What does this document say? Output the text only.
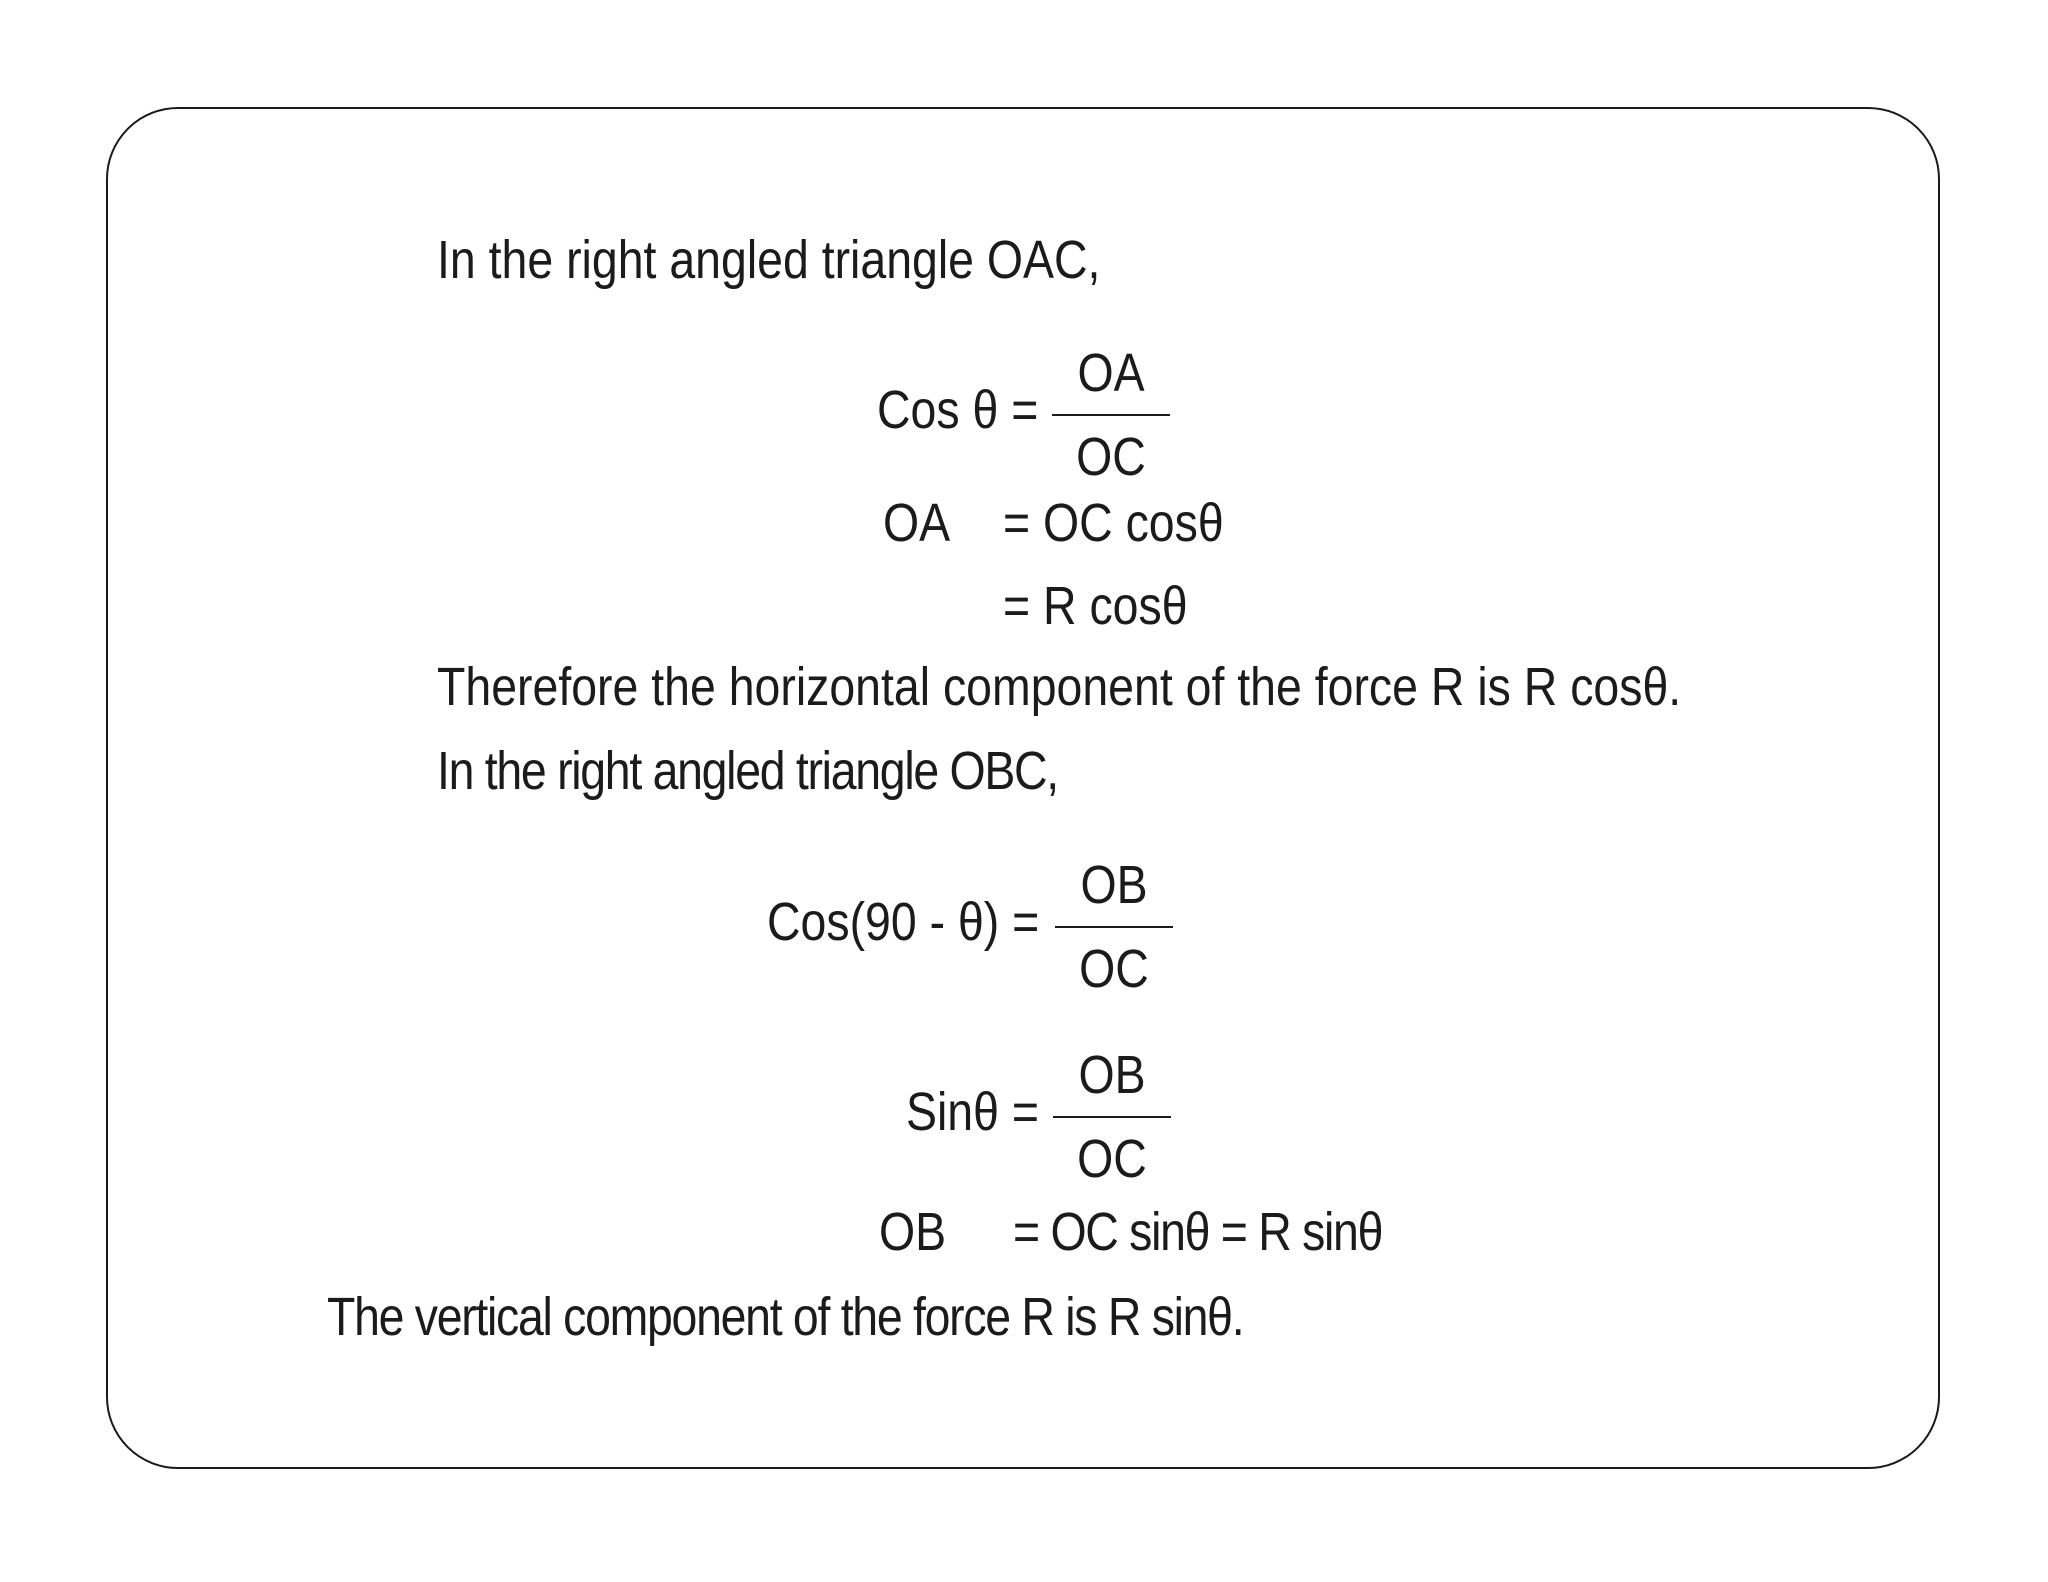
In the right angled triangle OAC,
Cos θ =
OA
OC
OA = OC cosθ
= R cosθ
Therefore the horizontal component of the force R is R cosθ.
In the right angled triangle OBC,
Cos(90 - θ) =
OB
OC
Sinθ =
OB
OC
OB = OC sinθ = R sinθ
The vertical component of the force R is R sinθ.
